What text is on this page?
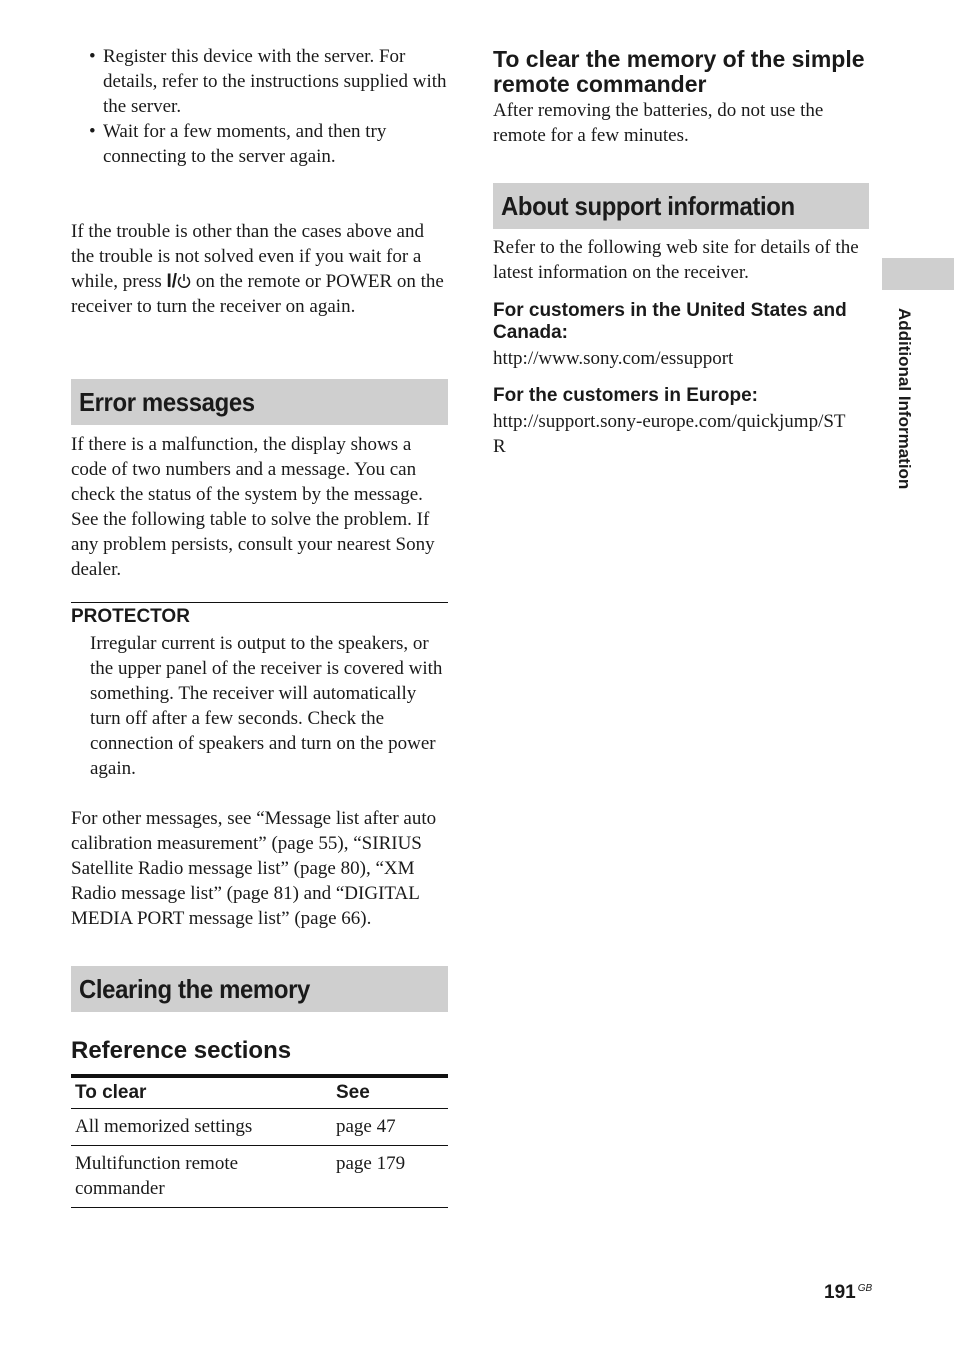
• Register this device with the server. For details, refer to the instructions supplied with the server.
• Wait for a few moments, and then try connecting to the server again.

If the trouble is other than the cases above and the trouble is not solved even if you wait for a while, press I/ on the remote or POWER on the receiver to turn the receiver on again.

Error messages

If there is a malfunction, the display shows a code of two numbers and a message. You can check the status of the system by the message. See the following table to solve the problem. If any problem persists, consult your nearest Sony dealer.

PROTECTOR

Irregular current is output to the speakers, or the upper panel of the receiver is covered with something. The receiver will automatically turn off after a few seconds. Check the connection of speakers and turn on the power again.

For other messages, see “Message list after auto calibration measurement” (page 55), “SIRIUS Satellite Radio message list” (page 80), “XM Radio message list” (page 81) and “DIGITAL MEDIA PORT message list” (page 66).

Clearing the memory
Reference sections
To clear	See
All memorized settings	page 47
Multifunction remote commander	page 179
To clear the memory of the simple remote commander

After removing the batteries, do not use the remote for a few minutes.

About support information

Refer to the following web site for details of the latest information on the receiver.

For customers in the United States and Canada:
http://www.sony.com/essupport
For the customers in Europe:
http://support.sony-europe.com/quickjump/STR	Additional Information
191 $^{GB}$
